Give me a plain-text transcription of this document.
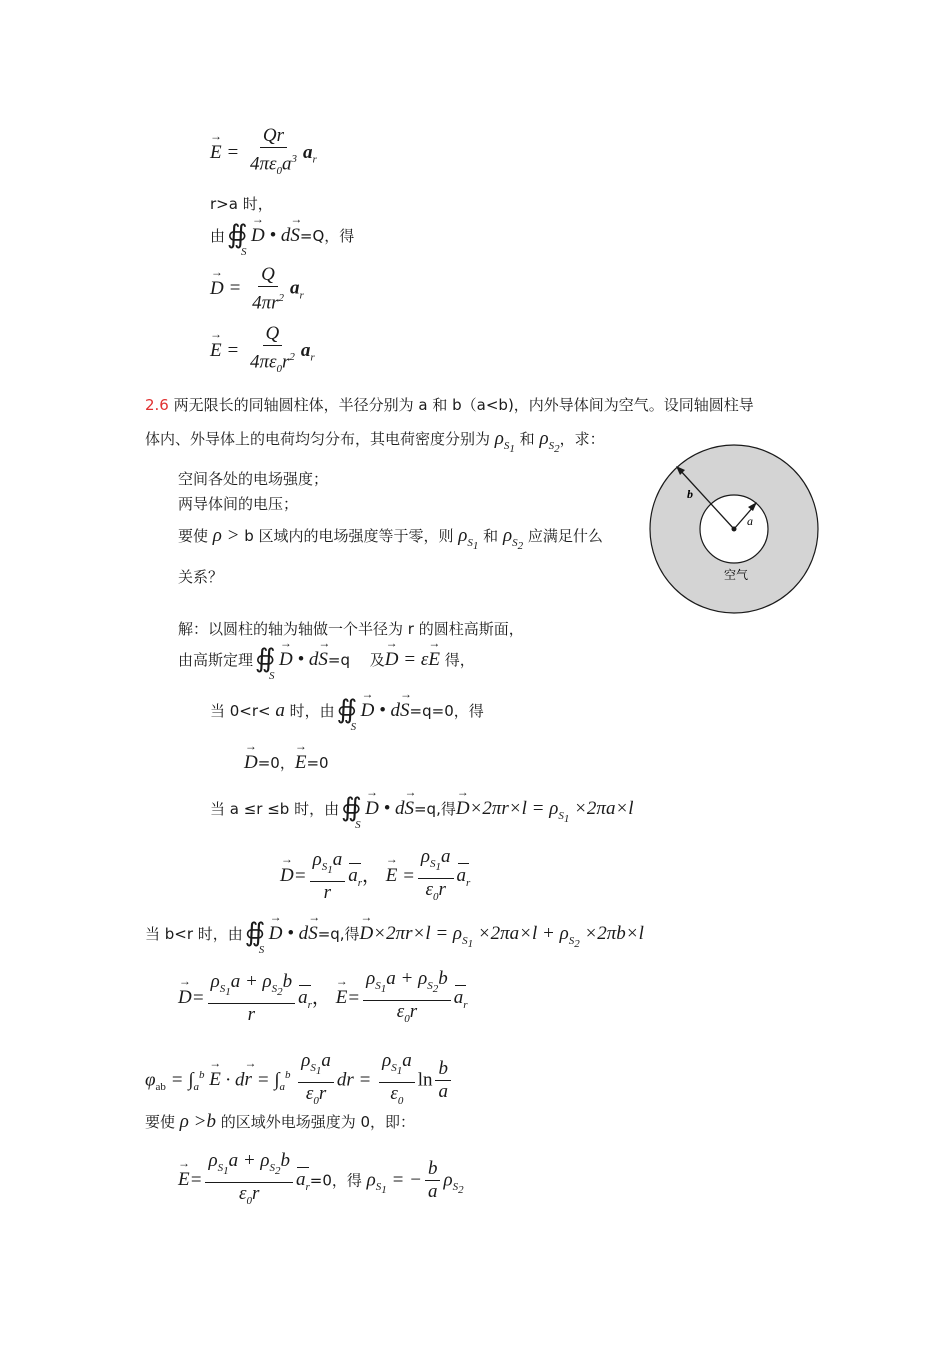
→ $E = \frac{Qr}{4\pi\varepsilon_0a^3} a_r$
r>a 时，
由
∯ S
→ D • d→ S=Q，得
→ $D = \frac{Q}{4\pi r^2} a_r$
→ $E = \frac{Q}{4\pi\varepsilon_0r^2} a_r$
2.6 两无限长的同轴圆柱体，半径分别为 a 和 b（a<b)，内外导体间为空气。设同轴圆柱导
体内、外导体上的电荷均匀分布，其电荷密度分别为 $\rho_{S_1}$ 和 $\rho_{S_2}$，求：
空间各处的电场强度；
两导体间的电压；
要使 ρ > b 区域内的电场强度等于零，则 $\rho_{S_1}$ 和 $\rho_{S_2}$ 应满足什么
关系？
b
a
空气
解：以圆柱的轴为轴做一个半径为 r 的圆柱高斯面，
由高斯定理
∯ S
→ D • d→ S=q　 及→ D = ε→ E 得，
当 0<r< a 时，由
∯ S
→ D • d→ S=q=0，得
→ D=0，→ E=0
当 a ≤r ≤b 时，由
∯ S
→ D • d→ S=q,得→ $D\times 2\pi r\times l = \rho_{S_1} \times 2\pi a\times l$
→ $D= \frac{\rho_{S_1}a}{r} a_r$， → $E = \frac{\rho_{S_1}a}{\varepsilon_0r} a_r$
当 b<r 时，由
∯ S
→ D • d→ S=q,得→ $D\times 2\pi r\times l = \rho_{S_1} \times 2\pi a\times l + \rho_{S_2} \times 2\pi b\times l$
→ $D= \frac{\rho_{S_1}a + \rho_{S_2}b}{r} a_r$， → $E= \frac{\rho_{S_1}a + \rho_{S_2}b}{\varepsilon_0r} a_r$
$\varphi_{ab} = \int_a^b \to E \cdot d\to r = \int_a^b \frac{\rho_{S_1}a}{\varepsilon_0r}$ dr = $\frac{\rho_{S_1}a}{\varepsilon_0}$ $\ln \frac{b}{a}$
要使 ρ >b 的区域外电场强度为 0，即：
→ $E= \frac{\rho_{S_1}a + \rho_{S_2}b}{\varepsilon_0r} a_r=0$，得 $\rho_{S_1}$ = − $\frac{b}{a} \rho_{S_2}$
